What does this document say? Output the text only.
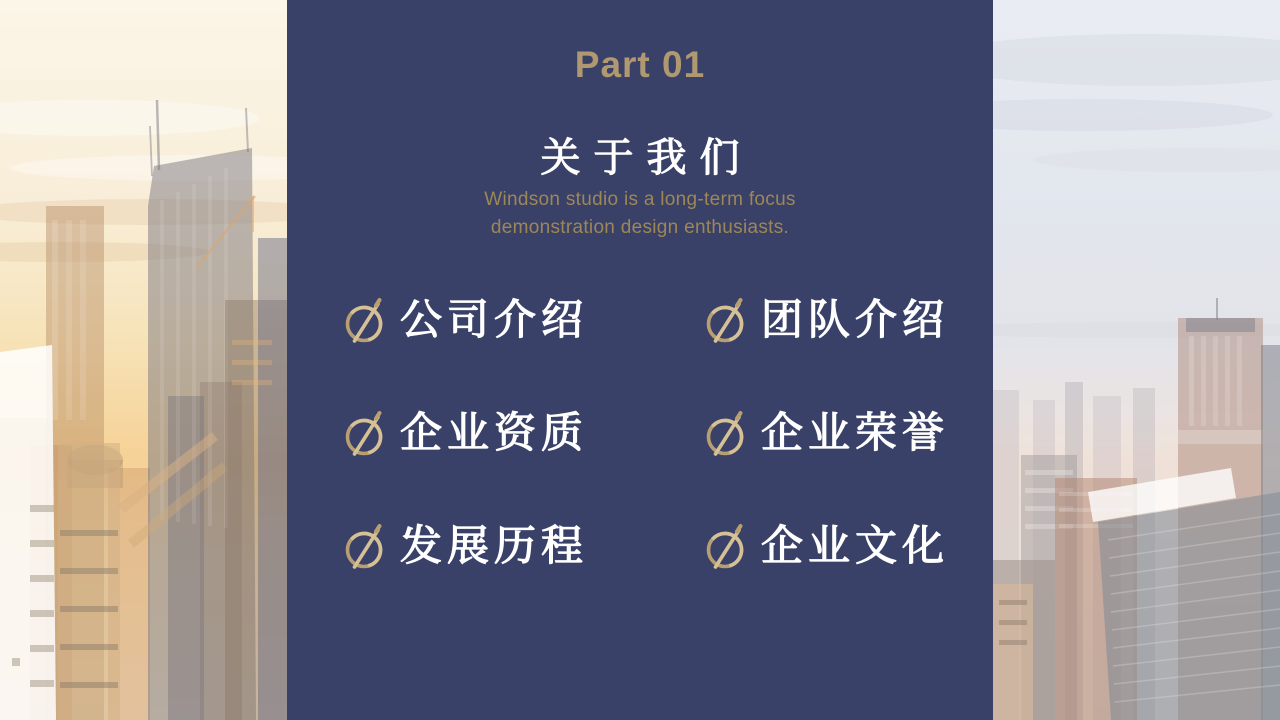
Part 01
关于我们
Windson studio is a long-term focus
demonstration design enthusiasts.
公司介绍	团队介绍
企业资质	企业荣誉
发展历程	企业文化
